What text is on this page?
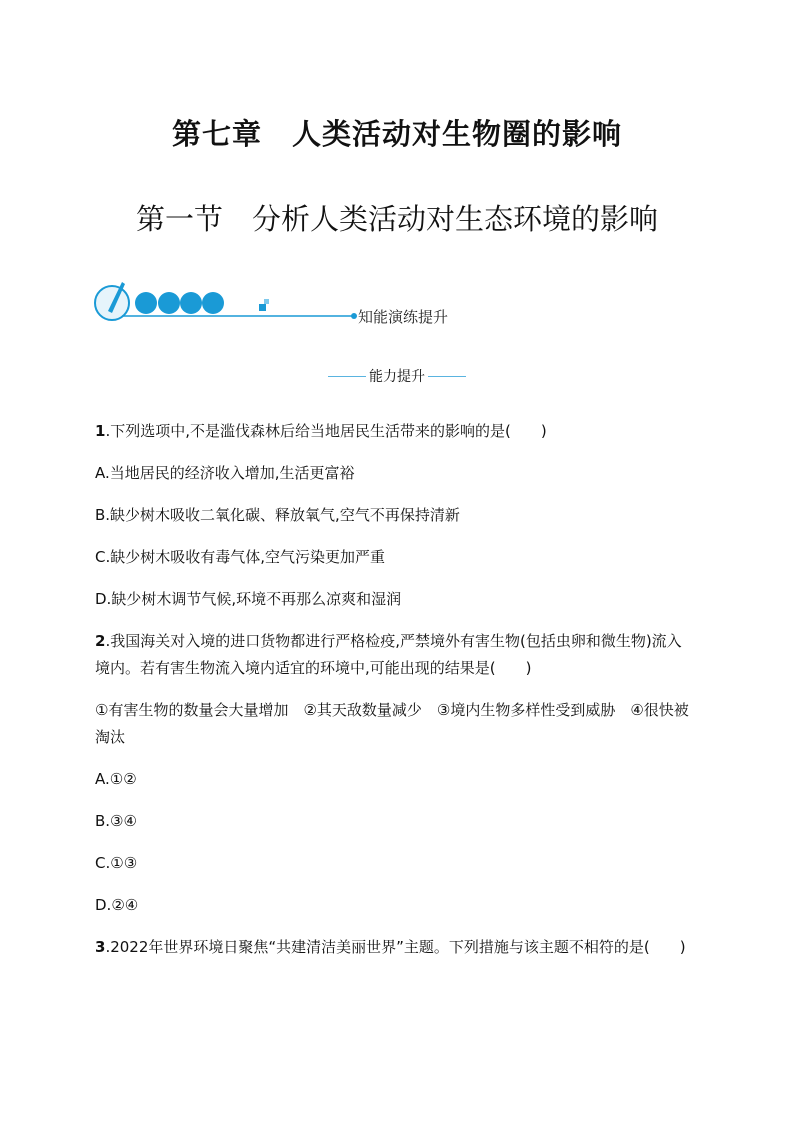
第七章　人类活动对生物圈的影响
第一节　分析人类活动对生态环境的影响
知能演练提升
能力提升

1.下列选项中,不是滥伐森林后给当地居民生活带来的影响的是(　　)

A.当地居民的经济收入增加,生活更富裕

B.缺少树木吸收二氧化碳、释放氧气,空气不再保持清新

C.缺少树木吸收有毒气体,空气污染更加严重

D.缺少树木调节气候,环境不再那么凉爽和湿润

2.我国海关对入境的进口货物都进行严格检疫,严禁境外有害生物(包括虫卵和微生物)流入境内。若有害生物流入境内适宜的环境中,可能出现的结果是(　　)

①有害生物的数量会大量增加　②其天敌数量减少　③境内生物多样性受到威胁　④很快被淘汰

A.①②

B.③④

C.①③

D.②④

3.2022年世界环境日聚焦“共建清洁美丽世界”主题。下列措施与该主题不相符的是(　　)
